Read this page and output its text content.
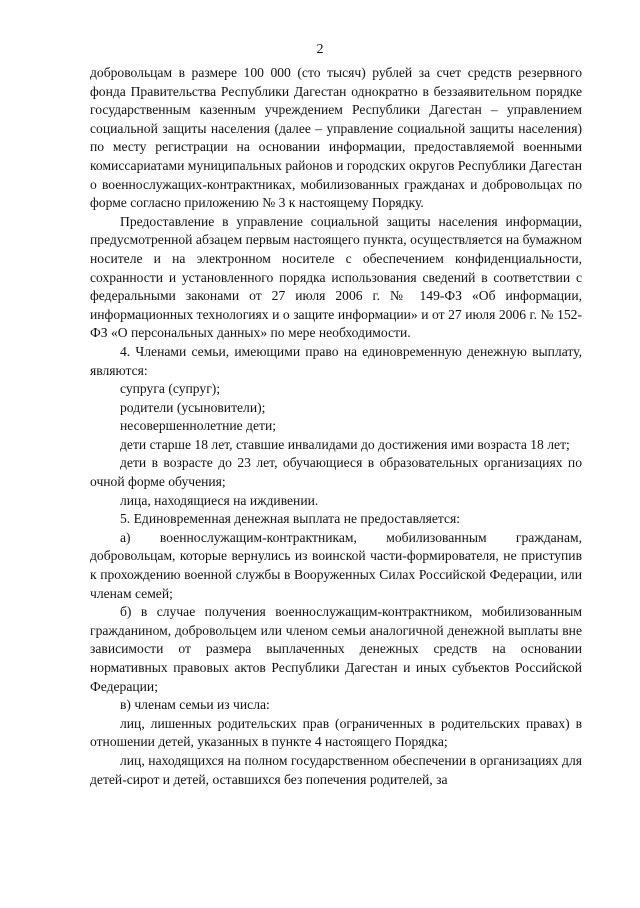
2

добровольцам в размере 100 000 (сто тысяч) рублей за счет средств резервного фонда Правительства Республики Дагестан однократно в беззаявительном порядке государственным казенным учреждением Республики Дагестан – управлением социальной защиты населения (далее – управление социальной защиты населения) по месту регистрации на основании информации, предоставляемой военными комиссариатами муниципальных районов и городских округов Республики Дагестан о военнослужащих-контрактниках, мобилизованных гражданах и добровольцах по форме согласно приложению № 3 к настоящему Порядку.

Предоставление в управление социальной защиты населения информации, предусмотренной абзацем первым настоящего пункта, осуществляется на бумажном носителе и на электронном носителе с обеспечением конфиденциальности, сохранности и установленного порядка использования сведений в соответствии с федеральными законами от 27 июля 2006 г. № 149-ФЗ «Об информации, информационных технологиях и о защите информации» и от 27 июля 2006 г. № 152-ФЗ «О персональных данных» по мере необходимости.

4. Членами семьи, имеющими право на единовременную денежную выплату, являются:

супруга (супруг);

родители (усыновители);

несовершеннолетние дети;

дети старше 18 лет, ставшие инвалидами до достижения ими возраста 18 лет;

дети в возрасте до 23 лет, обучающиеся в образовательных организациях по очной форме обучения;

лица, находящиеся на иждивении.

5. Единовременная денежная выплата не предоставляется:

а) военнослужащим-контрактникам, мобилизованным гражданам, добровольцам, которые вернулись из воинской части-формирователя, не приступив к прохождению военной службы в Вооруженных Силах Российской Федерации, или членам семей;

б) в случае получения военнослужащим-контрактником, мобилизованным гражданином, добровольцем или членом семьи аналогичной денежной выплаты вне зависимости от размера выплаченных денежных средств на основании нормативных правовых актов Республики Дагестан и иных субъектов Российской Федерации;

в) членам семьи из числа:

лиц, лишенных родительских прав (ограниченных в родительских правах) в отношении детей, указанных в пункте 4 настоящего Порядка;

лиц, находящихся на полном государственном обеспечении в организациях для детей-сирот и детей, оставшихся без попечения родителей, за
